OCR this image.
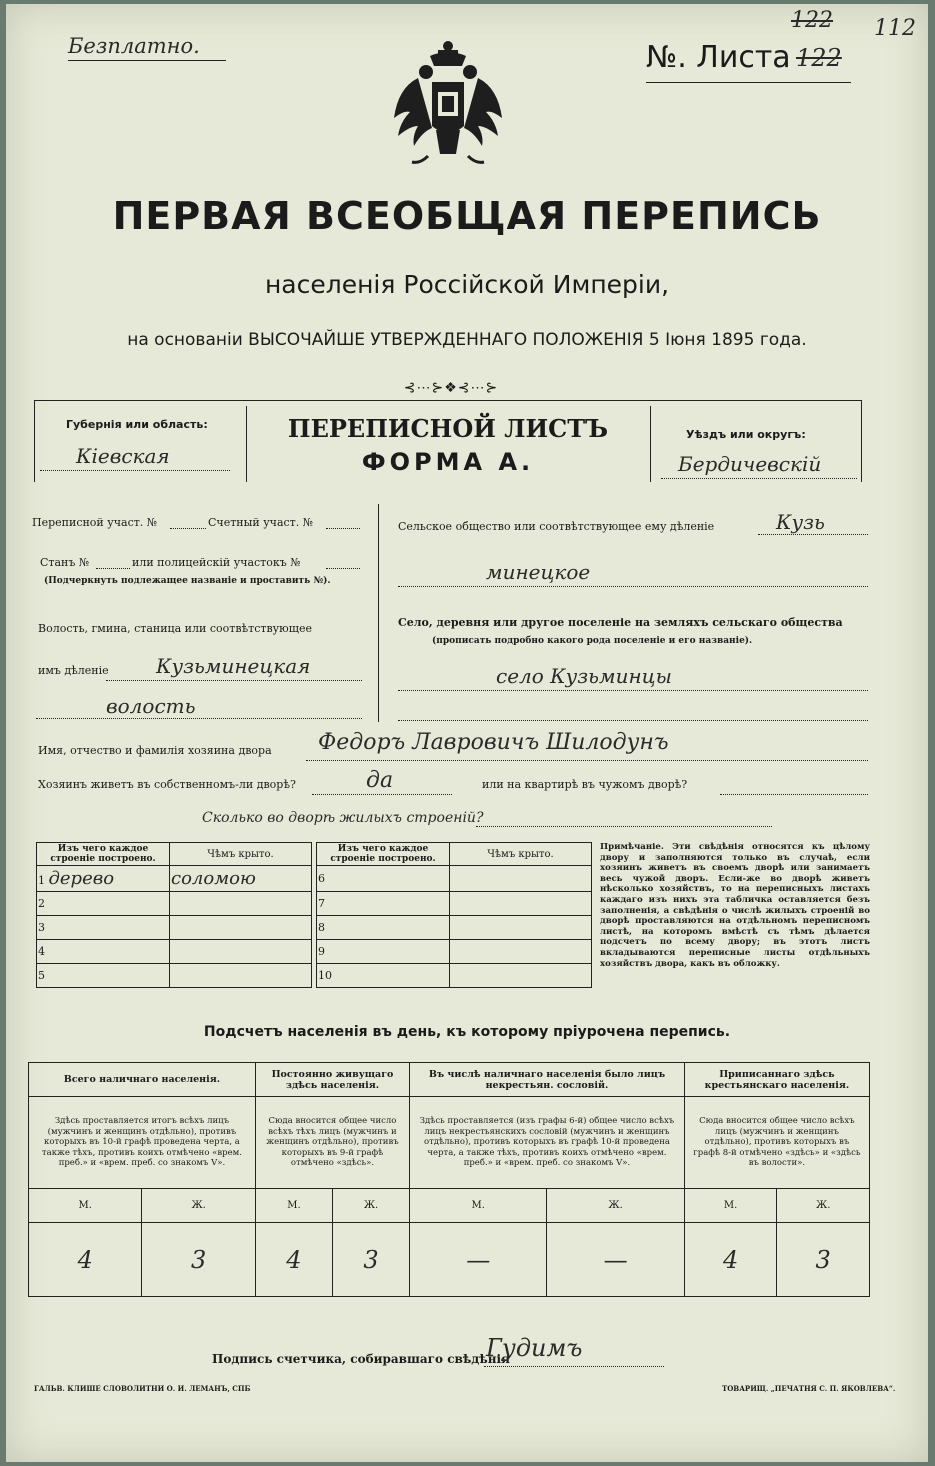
Безплатно.	№. Листа 122
122 112
ПЕРВАЯ ВСЕОБЩАЯ ПЕРЕПИСЬ
населенія Россійской Имперіи,
на основаніи ВЫСОЧАЙШЕ УТВЕРЖДЕННАГО ПОЛОЖЕНІЯ 5 Іюня 1895 года.
⊰⋯⊱❖⊰⋯⊱
Губернія или область:
Кіевская
ПЕРЕПИСНОЙ ЛИСТЪ
ФОРМА А.
Уѣздъ или округъ:
Бердичевскій
Переписной участ. №	Счетный участ. №
Станъ №	или полицейскій участокъ №
(Подчеркнуть подлежащее названіе и проставить №).
Волость, гмина, станица или соотвѣтствующее
имъ дѣленіе Кузьминецкая
волость
Сельское общество или соотвѣтствующее ему дѣленіе	Кузь
минецкое
Село, деревня или другое поселеніе на земляхъ сельскаго общества
(прописать подробно какого рода поселеніе и его названіе).
село Кузьминцы
Имя, отчество и фамилія хозяина двора Федоръ Лавровичъ Шилодунъ
Хозяинъ живетъ въ собственномъ-ли дворѣ?	да	или на квартирѣ въ чужомъ дворѣ?
Сколько во дворѣ жилыхъ строеній?
Изъ чего каждое строеніе построено.	Чѣмъ крыто.
1 дерево	соломою
2	
3	
4	
5	
Изъ чего каждое строеніе построено.	Чѣмъ крыто.
6	
7	
8	
9	
10	
Примѣчаніе. Эти свѣдѣнія относятся къ цѣлому двору и заполняются только въ случаѣ, если хозяинъ живетъ въ своемъ дворѣ или занимаетъ весь чужой дворъ. Если-же во дворѣ живетъ нѣсколько хозяйствъ, то на переписныхъ листахъ каждаго изъ нихъ эта табличка оставляется безъ заполненія, а свѣдѣнія о числѣ жилыхъ строеній во дворѣ проставляются на отдѣльномъ переписномъ листѣ, на которомъ вмѣстѣ съ тѣмъ дѣлается подсчетъ по всему двору; въ этотъ листъ вкладываются переписные листы отдѣльныхъ хозяйствъ двора, какъ въ обложку.
Подсчетъ населенія въ день, къ которому пріурочена перепись.
Всего наличнаго населенія.		Постоянно живущаго здѣсь населенія.		Въ числѣ наличнаго населенія было лицъ некрестьян. сословій.		Приписаннаго здѣсь крестьянскаго населенія.	
Здѣсь проставляется итогъ всѣхъ лицъ (мужчинъ и женщинъ отдѣльно), противъ которыхъ въ 10-й графѣ проведена черта, а также тѣхъ, противъ коихъ отмѣчено «врем. преб.» и «врем. преб. со знакомъ V».		Сюда вносится общее число всѣхъ тѣхъ лицъ (мужчинъ и женщинъ отдѣльно), противъ которыхъ въ 9-й графѣ отмѣчено «здѣсь».		Здѣсь проставляется (изъ графы 6-й) общее число всѣхъ лицъ некрестьянскихъ сословій (мужчинъ и женщинъ отдѣльно), противъ которыхъ въ графѣ 10-й проведена черта, а также тѣхъ, противъ коихъ отмѣчено «врем. преб.» и «врем. преб. со знакомъ V».		Сюда вносится общее число всѣхъ лицъ (мужчинъ и женщинъ отдѣльно), противъ которыхъ въ графѣ 8-й отмѣчено «здѣсь» и «здѣсь въ волости».	
М.	Ж.	М.	Ж.	М.	Ж.	М.	Ж.
4	3	4	3	—	—	4	3
Подпись счетчика, собиравшаго свѣдѣнія
Гудимъ
ГАЛЬВ. КЛИШЕ СЛОВОЛИТНИ О. И. ЛЕМАНЪ, СПБ	ТОВАРИЩ. „ПЕЧАТНЯ С. П. ЯКОВЛЕВА“.
